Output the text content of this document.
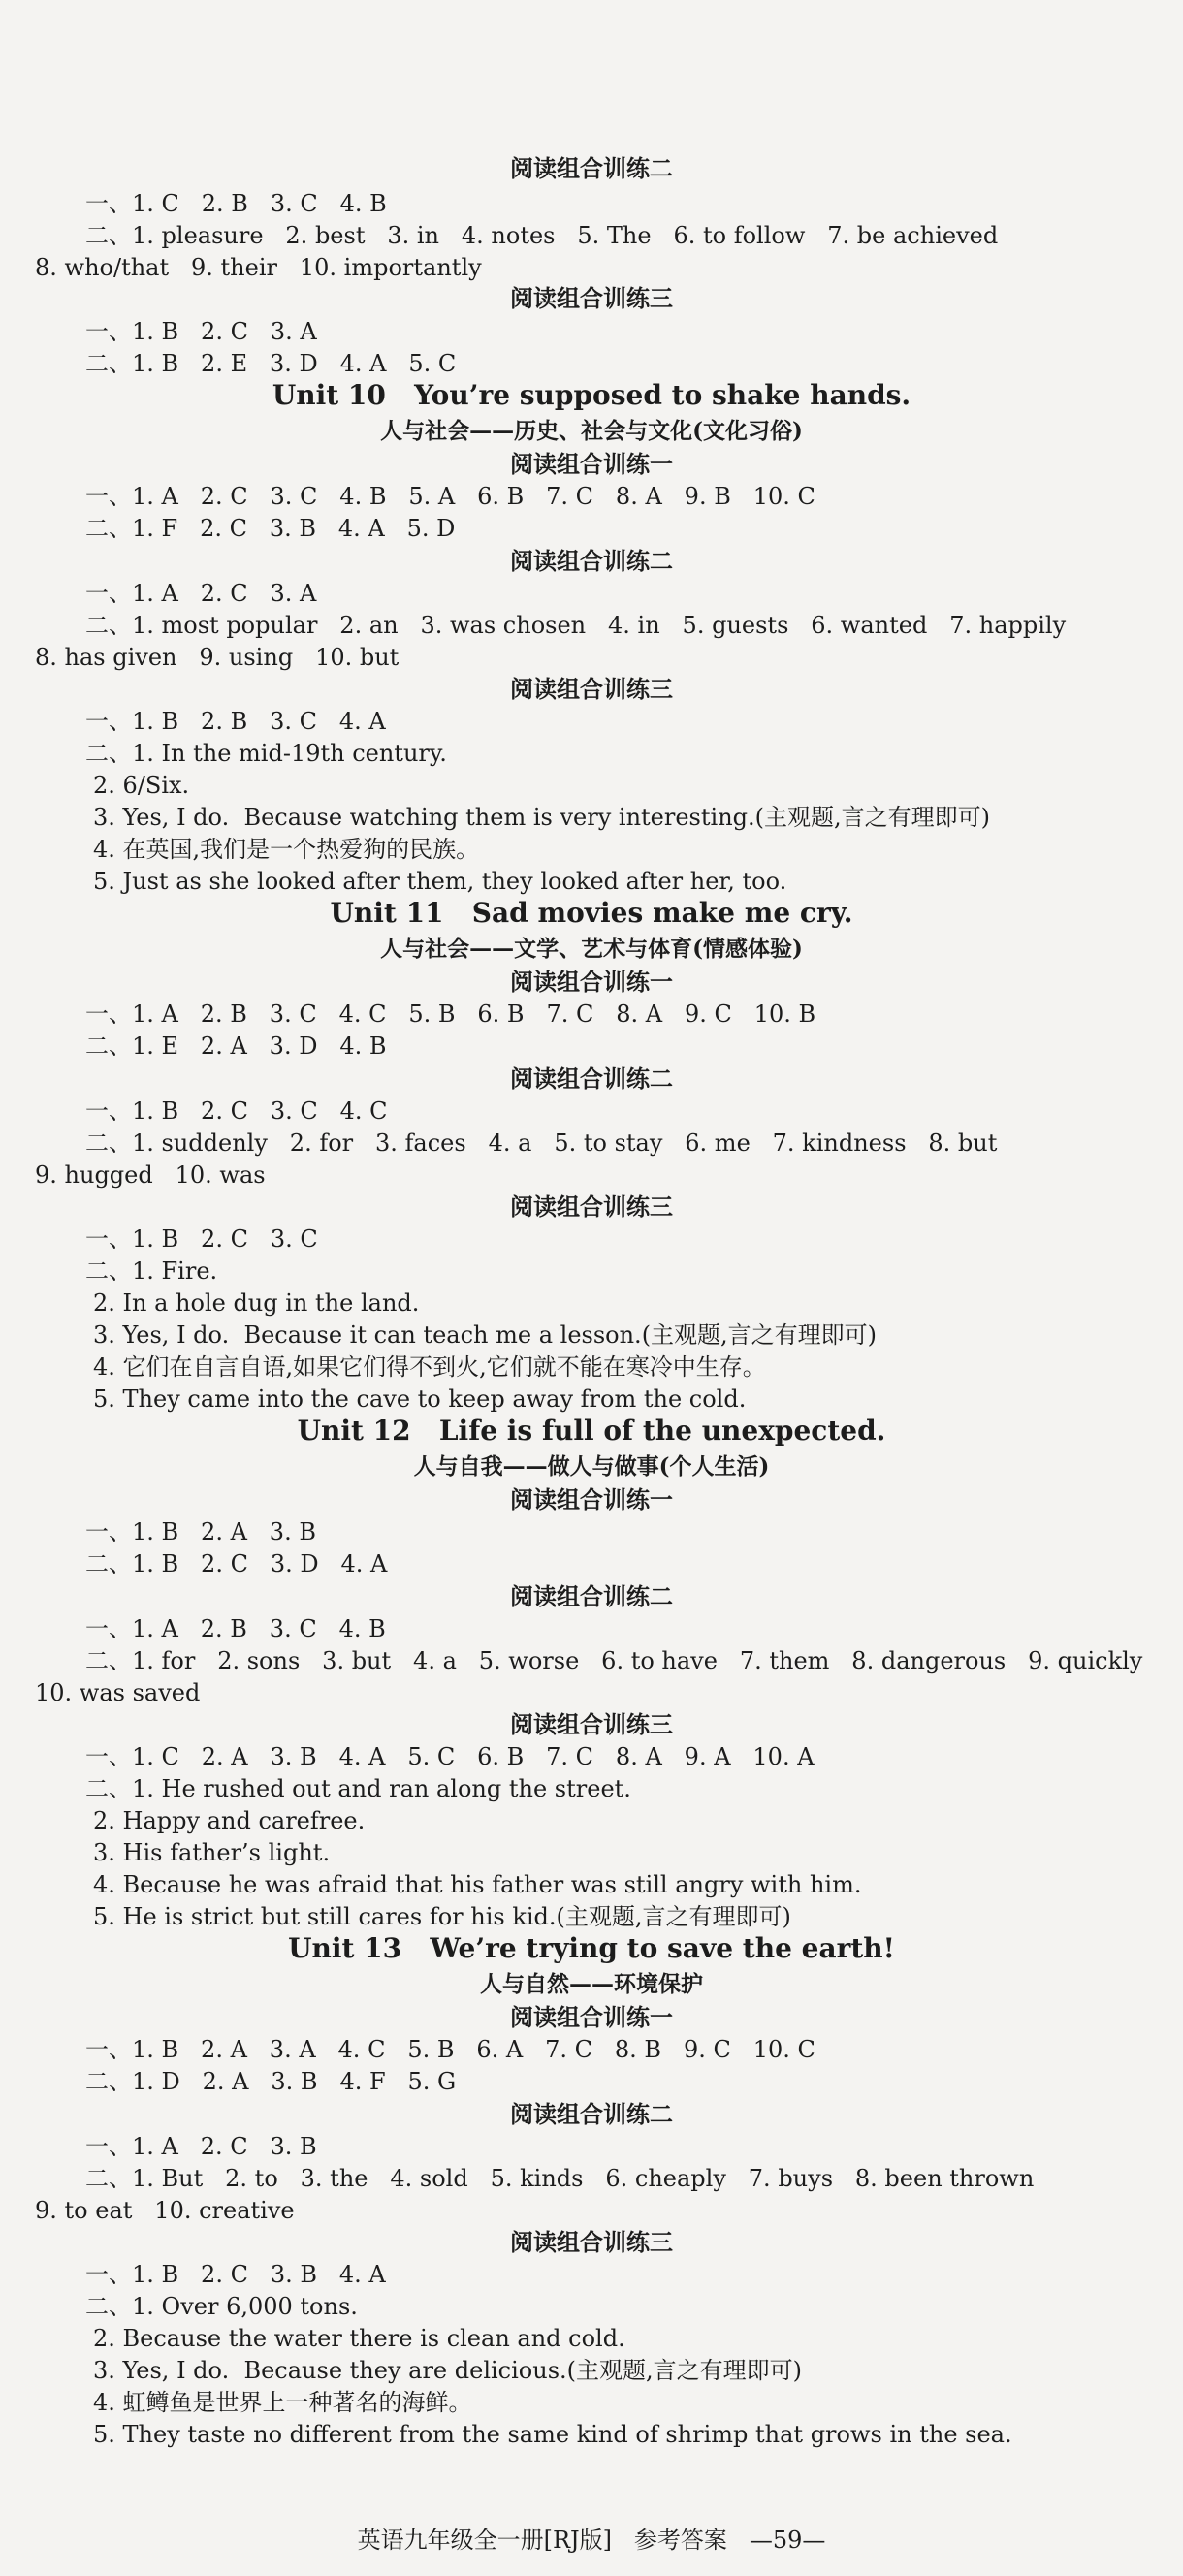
阅读组合训练二
一、1. C   2. B   3. C   4. B
二、1. pleasure   2. best   3. in   4. notes   5. The   6. to follow   7. be achieved
8. who/that   9. their   10. importantly
阅读组合训练三
一、1. B   2. C   3. A
二、1. B   2. E   3. D   4. A   5. C
Unit 10   You’re supposed to shake hands.
人与社会——历史、社会与文化(文化习俗)
阅读组合训练一
一、1. A   2. C   3. C   4. B   5. A   6. B   7. C   8. A   9. B   10. C
二、1. F   2. C   3. B   4. A   5. D
阅读组合训练二
一、1. A   2. C   3. A
二、1. most popular   2. an   3. was chosen   4. in   5. guests   6. wanted   7. happily
8. has given   9. using   10. but
阅读组合训练三
一、1. B   2. B   3. C   4. A
二、1. In the mid-19th century.
2. 6/Six.
3. Yes, I do.  Because watching them is very interesting.(主观题,言之有理即可)
4. 在英国,我们是一个热爱狗的民族。
5. Just as she looked after them, they looked after her, too.
Unit 11   Sad movies make me cry.
人与社会——文学、艺术与体育(情感体验)
阅读组合训练一
一、1. A   2. B   3. C   4. C   5. B   6. B   7. C   8. A   9. C   10. B
二、1. E   2. A   3. D   4. B
阅读组合训练二
一、1. B   2. C   3. C   4. C
二、1. suddenly   2. for   3. faces   4. a   5. to stay   6. me   7. kindness   8. but
9. hugged   10. was
阅读组合训练三
一、1. B   2. C   3. C
二、1. Fire.
2. In a hole dug in the land.
3. Yes, I do.  Because it can teach me a lesson.(主观题,言之有理即可)
4. 它们在自言自语,如果它们得不到火,它们就不能在寒冷中生存。
5. They came into the cave to keep away from the cold.
Unit 12   Life is full of the unexpected.
人与自我——做人与做事(个人生活)
阅读组合训练一
一、1. B   2. A   3. B
二、1. B   2. C   3. D   4. A
阅读组合训练二
一、1. A   2. B   3. C   4. B
二、1. for   2. sons   3. but   4. a   5. worse   6. to have   7. them   8. dangerous   9. quickly
10. was saved
阅读组合训练三
一、1. C   2. A   3. B   4. A   5. C   6. B   7. C   8. A   9. A   10. A
二、1. He rushed out and ran along the street.
2. Happy and carefree.
3. His father’s light.
4. Because he was afraid that his father was still angry with him.
5. He is strict but still cares for his kid.(主观题,言之有理即可)
Unit 13   We’re trying to save the earth!
人与自然——环境保护
阅读组合训练一
一、1. B   2. A   3. A   4. C   5. B   6. A   7. C   8. B   9. C   10. C
二、1. D   2. A   3. B   4. F   5. G
阅读组合训练二
一、1. A   2. C   3. B
二、1. But   2. to   3. the   4. sold   5. kinds   6. cheaply   7. buys   8. been thrown
9. to eat   10. creative
阅读组合训练三
一、1. B   2. C   3. B   4. A
二、1. Over 6,000 tons.
2. Because the water there is clean and cold.
3. Yes, I do.  Because they are delicious.(主观题,言之有理即可)
4. 虹鳟鱼是世界上一种著名的海鲜。
5. They taste no different from the same kind of shrimp that grows in the sea.
英语九年级全一册[RJ版]   参考答案   —59—
